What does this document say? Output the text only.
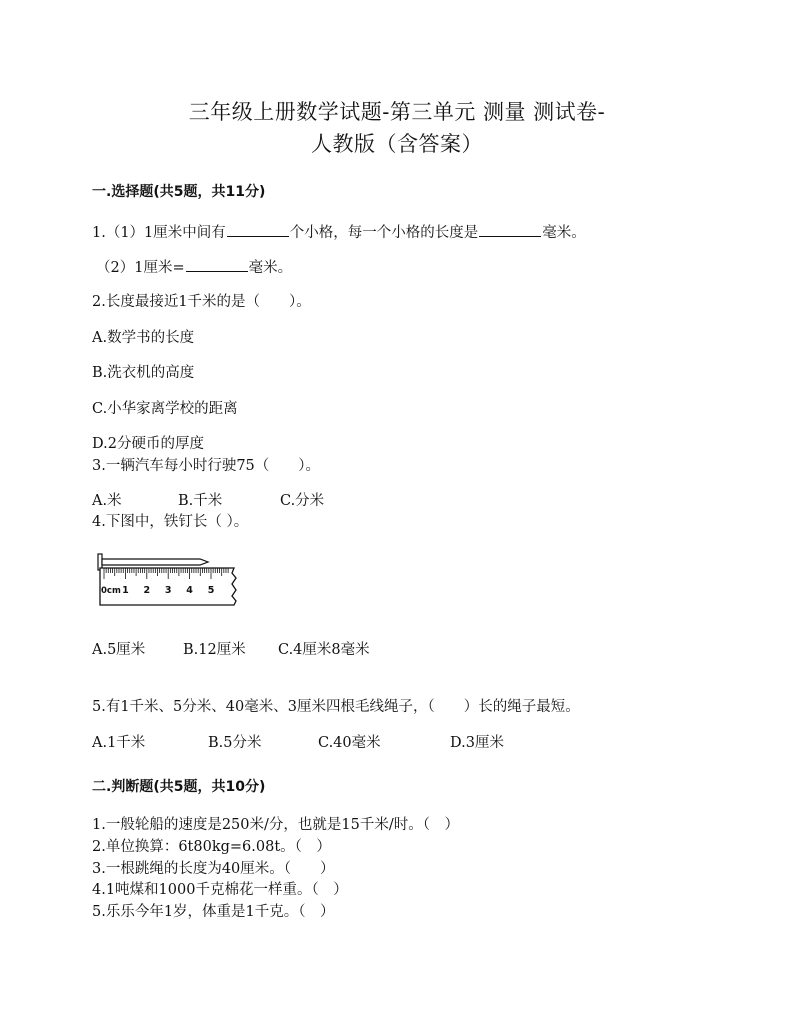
三年级上册数学试题-第三单元 测量 测试卷-
人教版（含答案）
一.选择题(共5题，共11分)
1.（1）1厘米中间有	个小格，每一个小格的长度是	毫米。
（2）1厘米=	毫米。
2.长度最接近1千米的是（　　）。
A.数学书的长度
B.洗衣机的高度
C.小华家离学校的距离
D.2分硬币的厚度
3.一辆汽车每小时行驶75（　　）。
A.米	B.千米	C.分米
4.下图中，铁钉长（ ）。
0cm 1 2 3 4 5
A.5厘米	B.12厘米 C.4厘米8毫米
5.有1千米、5分米、40毫米、3厘米四根毛线绳子，（　　）长的绳子最短。
A.1千米	B.5分米	C.40毫米	D.3厘米
二.判断题(共5题，共10分)
1.一般轮船的速度是250米/分，也就是15千米/时。（　）
2.单位换算：6t80kg=6.08t。（　）
3.一根跳绳的长度为40厘米。（　　）
4.1吨煤和1000千克棉花一样重。（　）
5.乐乐今年1岁，体重是1千克。（　）
